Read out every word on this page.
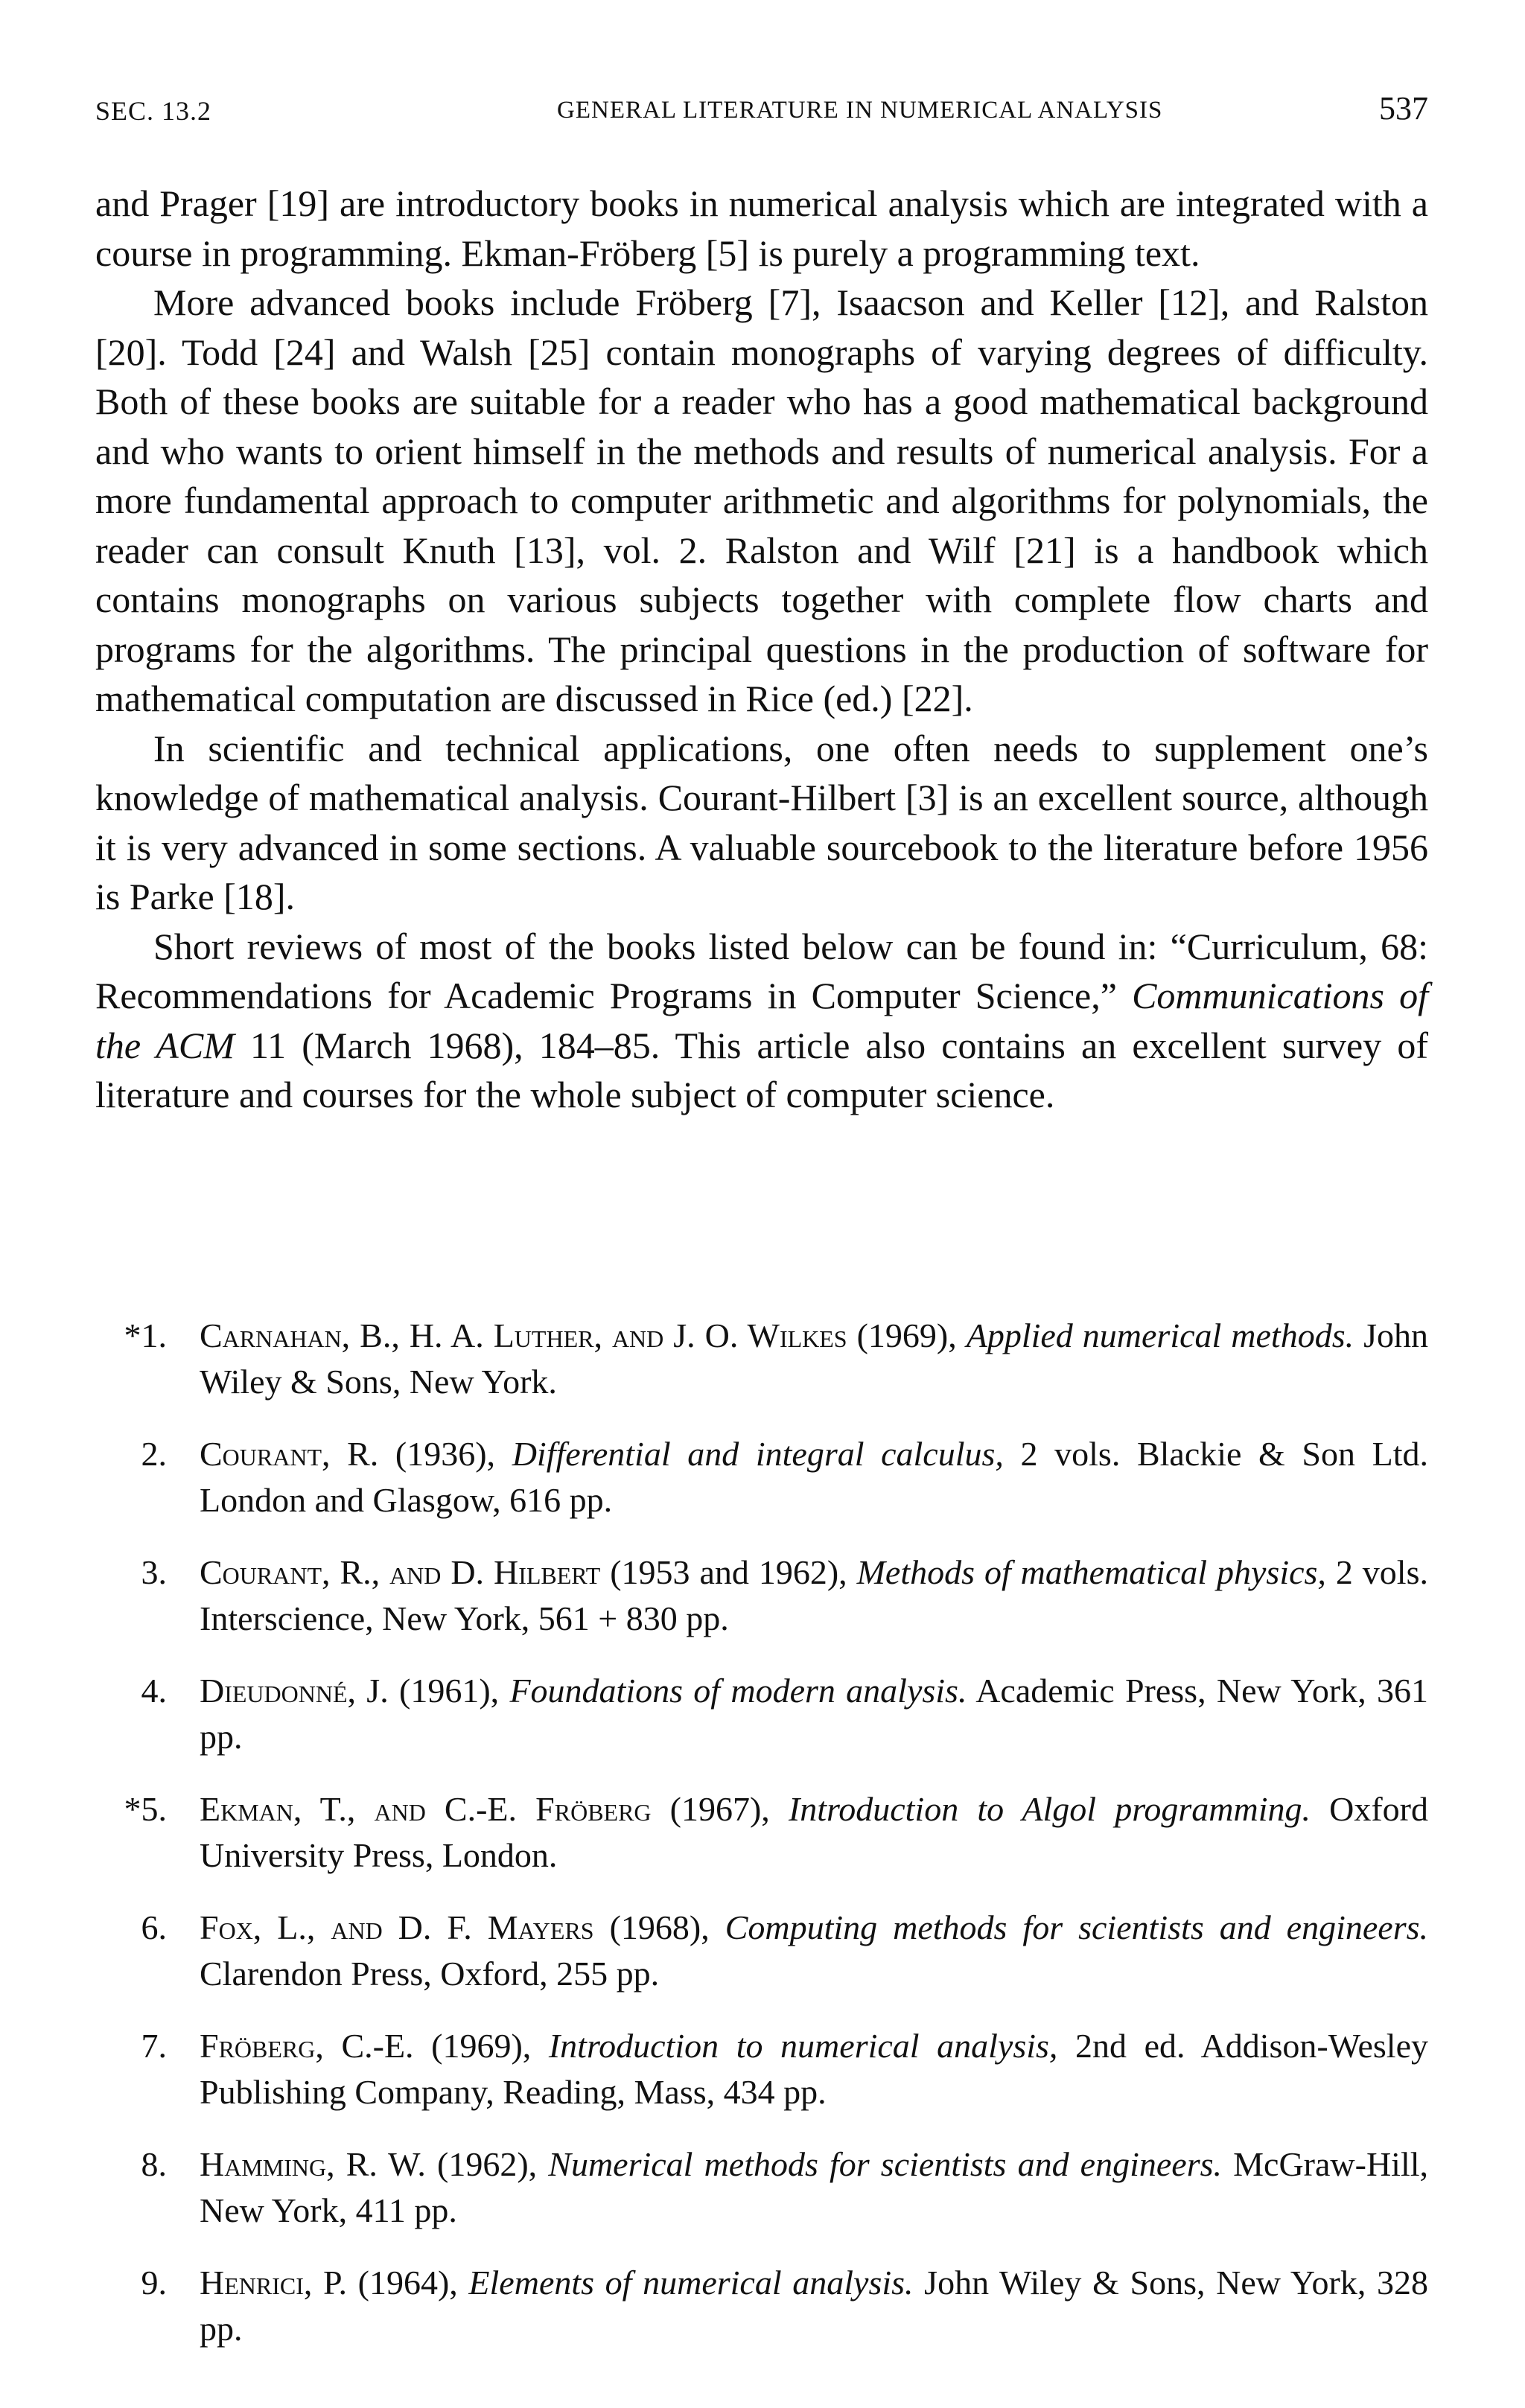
SEC. 13.2	GENERAL LITERATURE IN NUMERICAL ANALYSIS	537

and Prager [19] are introductory books in numerical analysis which are integrated with a course in programming. Ekman-Fröberg [5] is purely a programming text.

More advanced books include Fröberg [7], Isaacson and Keller [12], and Ralston [20]. Todd [24] and Walsh [25] contain monographs of varying degrees of difficulty. Both of these books are suitable for a reader who has a good mathematical background and who wants to orient himself in the methods and results of numerical analysis. For a more fundamental approach to computer arithmetic and algorithms for polynomials, the reader can consult Knuth [13], vol. 2. Ralston and Wilf [21] is a handbook which contains monographs on various subjects together with complete flow charts and programs for the algorithms. The principal questions in the production of software for mathematical computation are discussed in Rice (ed.) [22].

In scientific and technical applications, one often needs to supplement one’s knowledge of mathematical analysis. Courant-Hilbert [3] is an excellent source, although it is very advanced in some sections. A valuable sourcebook to the literature before 1956 is Parke [18].

Short reviews of most of the books listed below can be found in: “Curriculum, 68: Recommendations for Academic Programs in Computer Science,” Communications of the ACM 11 (March 1968), 184–85. This article also contains an excellent survey of literature and courses for the whole subject of computer science.

*1. Carnahan, B., H. A. Luther, and J. O. Wilkes (1969), Applied numerical methods. John Wiley & Sons, New York.
2. Courant, R. (1936), Differential and integral calculus, 2 vols. Blackie & Son Ltd. London and Glasgow, 616 pp.
3. Courant, R., and D. Hilbert (1953 and 1962), Methods of mathematical physics, 2 vols. Interscience, New York, 561 + 830 pp.
4. Dieudonné, J. (1961), Foundations of modern analysis. Academic Press, New York, 361 pp.
*5. Ekman, T., and C.-E. Fröberg (1967), Introduction to Algol programming. Oxford University Press, London.
6. Fox, L., and D. F. Mayers (1968), Computing methods for scientists and engineers. Clarendon Press, Oxford, 255 pp.
7. Fröberg, C.-E. (1969), Introduction to numerical analysis, 2nd ed. Addison-Wesley Publishing Company, Reading, Mass, 434 pp.
8. Hamming, R. W. (1962), Numerical methods for scientists and engineers. McGraw-Hill, New York, 411 pp.
9. Henrici, P. (1964), Elements of numerical analysis. John Wiley & Sons, New York, 328 pp.
